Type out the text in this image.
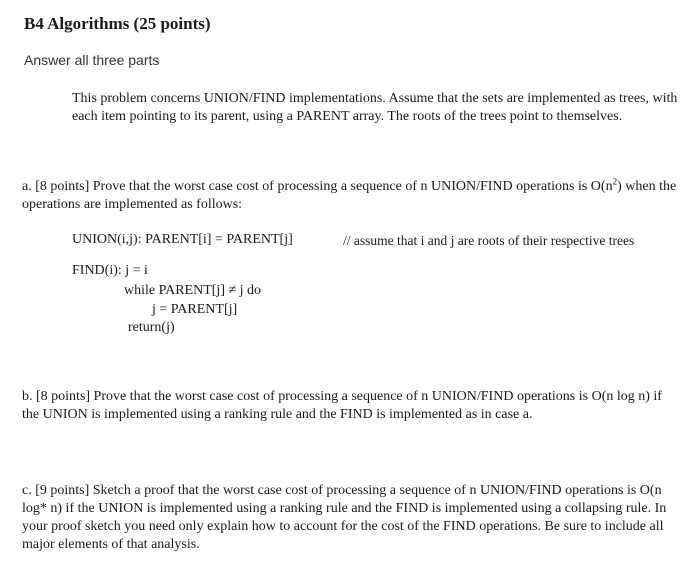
B4 Algorithms (25 points)
Answer all three parts
This problem concerns UNION/FIND implementations. Assume that the sets are implemented as trees, with each item pointing to its parent, using a PARENT array. The roots of the trees point to themselves.
a. [8 points] Prove that the worst case cost of processing a sequence of n UNION/FIND operations is $O(n^2)$ when the operations are implemented as follows:
UNION(i,j): PARENT[i] = PARENT[j]	// assume that i and j are roots of their respective trees
FIND(i): j = i
while PARENT[j] ≠ j do
j = PARENT[j]
return(j)
b. [8 points] Prove that the worst case cost of processing a sequence of n UNION/FIND operations is O(n log n) if the UNION is implemented using a ranking rule and the FIND is implemented as in case a.
c. [9 points] Sketch a proof that the worst case cost of processing a sequence of n UNION/FIND operations is O(n log* n) if the UNION is implemented using a ranking rule and the FIND is implemented using a collapsing rule. In your proof sketch you need only explain how to account for the cost of the FIND operations. Be sure to include all major elements of that analysis.
